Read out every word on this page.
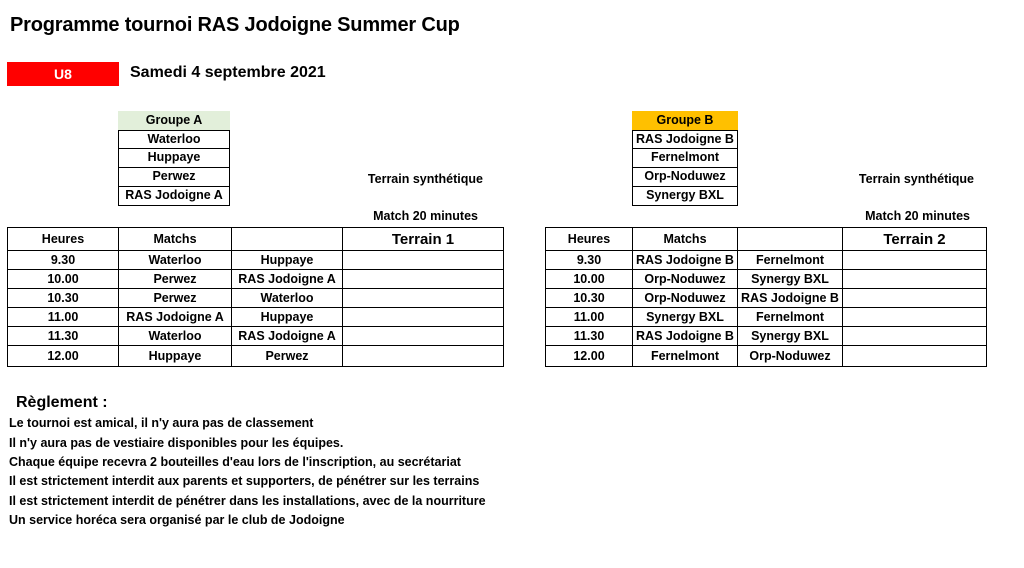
Programme tournoi RAS Jodoigne Summer Cup
U8	Samedi 4 septembre 2021
Groupe A
Waterloo
Huppaye
Perwez
RAS Jodoigne A
Groupe B
RAS Jodoigne B
Fernelmont
Orp-Noduwez
Synergy BXL
Terrain synthétique
Match 20 minutes
Terrain synthétique
Match 20 minutes
Heures	Matchs		Terrain 1
9.30	Waterloo	Huppaye	
10.00	Perwez	RAS Jodoigne A	
10.30	Perwez	Waterloo	
11.00	RAS Jodoigne A	Huppaye	
11.30	Waterloo	RAS Jodoigne A	
12.00	Huppaye	Perwez	
Heures	Matchs		Terrain 2
9.30	RAS Jodoigne B	Fernelmont	
10.00	Orp-Noduwez	Synergy BXL	
10.30	Orp-Noduwez	RAS Jodoigne B	
11.00	Synergy BXL	Fernelmont	
11.30	RAS Jodoigne B	Synergy BXL	
12.00	Fernelmont	Orp-Noduwez	
Règlement :
Le tournoi est amical, il n'y aura pas de classement
Il n'y aura pas de vestiaire disponibles pour les équipes.
Chaque équipe recevra 2 bouteilles d'eau lors de l'inscription, au secrétariat
Il est strictement interdit aux parents et supporters, de pénétrer sur les terrains
Il est strictement interdit de pénétrer dans les installations, avec de la nourriture
Un service horéca sera organisé par le club de Jodoigne
